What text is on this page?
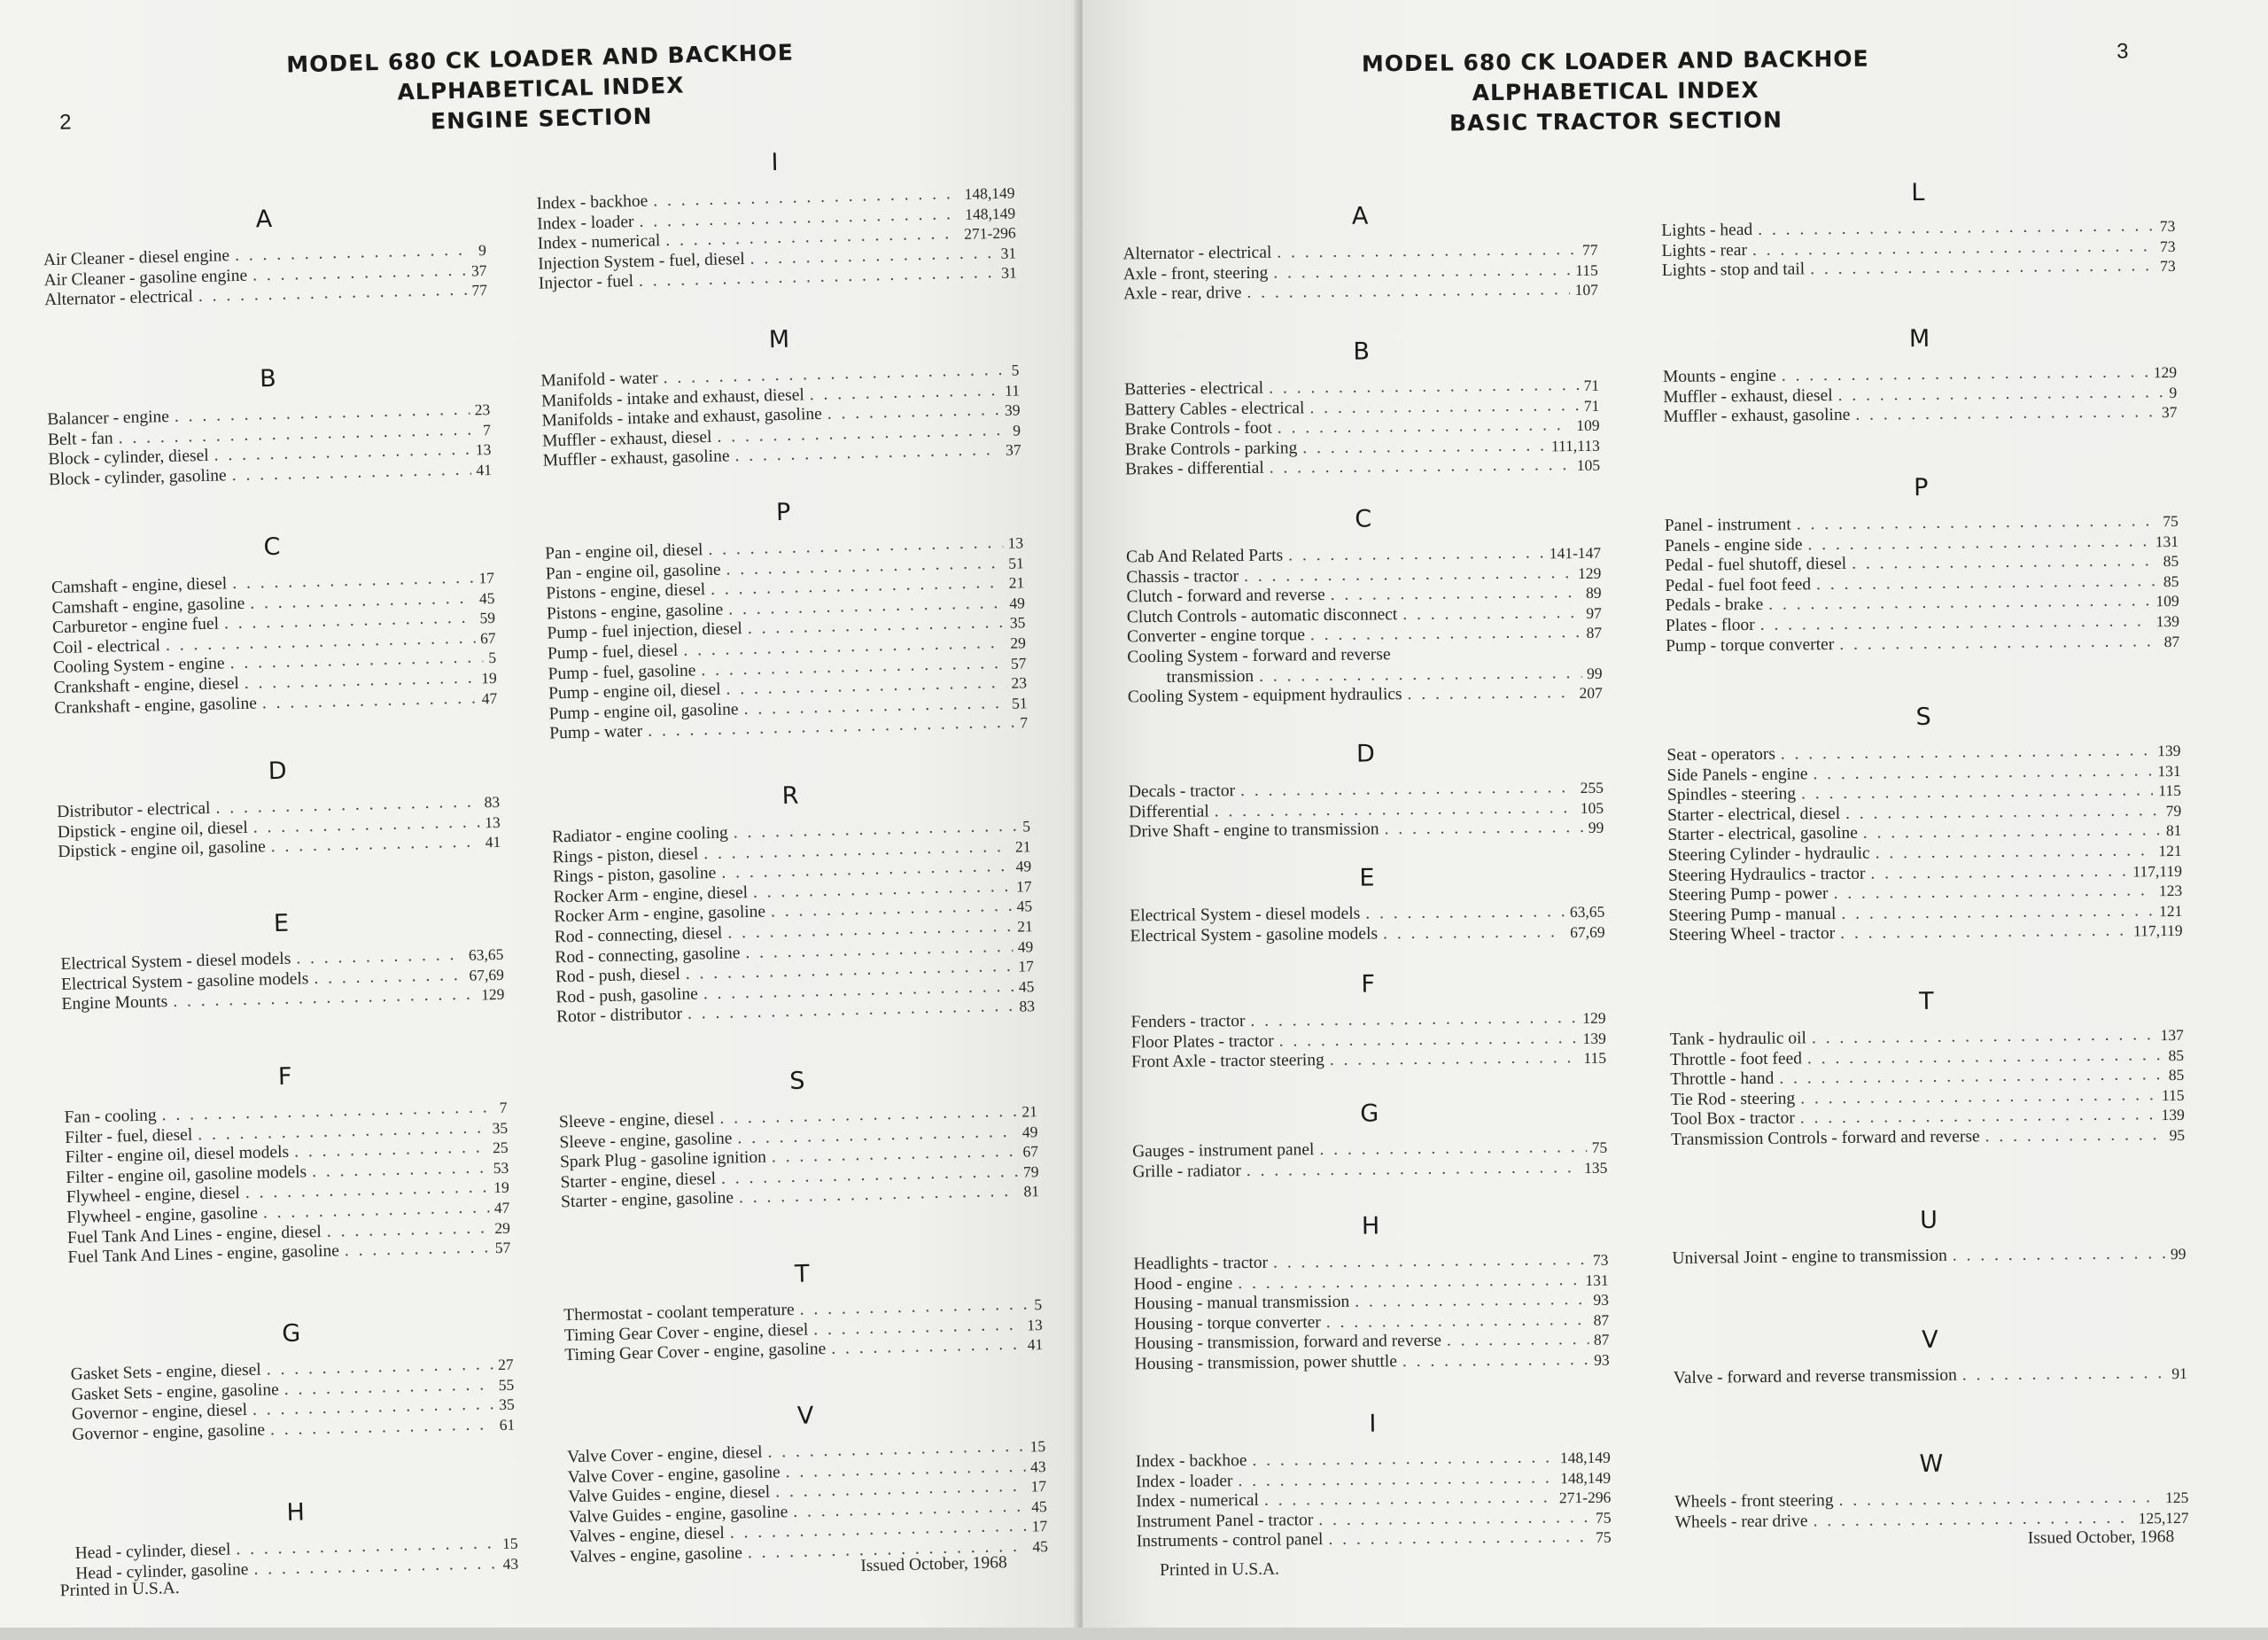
2
MODEL 680 CK LOADER AND BACKHOE
ALPHABETICAL INDEX
ENGINE SECTION
A
Air Cleaner - diesel engine . . .	9
Air Cleaner - gasoline engine . . .	37
Alternator - electrical . . .	77
B
Balancer - engine . . .	23
Belt - fan . . .	7
Block - cylinder, diesel . . .	13
Block - cylinder, gasoline . . .	41
C
Camshaft - engine, diesel . . .	17
Camshaft - engine, gasoline . . .	45
Carburetor - engine fuel . . .	59
Coil - electrical . . .	67
Cooling System - engine . . .	5
Crankshaft - engine, diesel . . .	19
Crankshaft - engine, gasoline . . .	47
D
Distributor - electrical . . .	83
Dipstick - engine oil, diesel . . .	13
Dipstick - engine oil, gasoline . . .	41
E
Electrical System - diesel models . . .	63,65
Electrical System - gasoline models . . .	67,69
Engine Mounts . . .	129
F
Fan - cooling . . .	7
Filter - fuel, diesel . . .	35
Filter - engine oil, diesel models . . .	25
Filter - engine oil, gasoline models . . .	53
Flywheel - engine, diesel . . .	19
Flywheel - engine, gasoline . . .	47
Fuel Tank And Lines - engine, diesel . . .	29
Fuel Tank And Lines - engine, gasoline . . .	57
G
Gasket Sets - engine, diesel . . .	27
Gasket Sets - engine, gasoline . . .	55
Governor - engine, diesel . . .	35
Governor - engine, gasoline . . .	61
H
Head - cylinder, diesel . . .	15
Head - cylinder, gasoline . . .	43
I
Index - backhoe . . .	148,149
Index - loader . . .	148,149
Index - numerical . . .	271-296
Injection System - fuel, diesel . . .	31
Injector - fuel . . .	31
M
Manifold - water . . .	5
Manifolds - intake and exhaust, diesel . . .	11
Manifolds - intake and exhaust, gasoline . . .	39
Muffler - exhaust, diesel . . .	9
Muffler - exhaust, gasoline . . .	37
P
Pan - engine oil, diesel . . .	13
Pan - engine oil, gasoline . . .	51
Pistons - engine, diesel . . .	21
Pistons - engine, gasoline . . .	49
Pump - fuel injection, diesel . . .	35
Pump - fuel, diesel . . .	29
Pump - fuel, gasoline . . .	57
Pump - engine oil, diesel . . .	23
Pump - engine oil, gasoline . . .	51
Pump - water . . .	7
R
Radiator - engine cooling . . .	5
Rings - piston, diesel . . .	21
Rings - piston, gasoline . . .	49
Rocker Arm - engine, diesel . . .	17
Rocker Arm - engine, gasoline . . .	45
Rod - connecting, diesel . . .	21
Rod - connecting, gasoline . . .	49
Rod - push, diesel . . .	17
Rod - push, gasoline . . .	45
Rotor - distributor . . .	83
S
Sleeve - engine, diesel . . .	21
Sleeve - engine, gasoline . . .	49
Spark Plug - gasoline ignition . . .	67
Starter - engine, diesel . . .	79
Starter - engine, gasoline . . .	81
T
Thermostat - coolant temperature . . .	5
Timing Gear Cover - engine, diesel . . .	13
Timing Gear Cover - engine, gasoline . . .	41
V
Valve Cover - engine, diesel . . .	15
Valve Cover - engine, gasoline . . .	43
Valve Guides - engine, diesel . . .	17
Valve Guides - engine, gasoline . . .	45
Valves - engine, diesel . . .	17
Valves - engine, gasoline . . .	45
Printed in U.S.A.
Issued October, 1968
3
MODEL 680 CK LOADER AND BACKHOE
ALPHABETICAL INDEX
BASIC TRACTOR SECTION
A
Alternator - electrical . . .	77
Axle - front, steering . . .	115
Axle - rear, drive . . .	107
B
Batteries - electrical . . .	71
Battery Cables - electrical . . .	71
Brake Controls - foot . . .	109
Brake Controls - parking . . .	111,113
Brakes - differential . . .	105
C
Cab And Related Parts . . .	141-147
Chassis - tractor . . .	129
Clutch - forward and reverse . . .	89
Clutch Controls - automatic disconnect . . .	97
Converter - engine torque . . .	87
Cooling System - forward and reverse
transmission . . .	99
Cooling System - equipment hydraulics . . .	207
D
Decals - tractor . . .	255
Differential . . .	105
Drive Shaft - engine to transmission . . .	99
E
Electrical System - diesel models . . .	63,65
Electrical System - gasoline models . . .	67,69
F
Fenders - tractor . . .	129
Floor Plates - tractor . . .	139
Front Axle - tractor steering . . .	115
G
Gauges - instrument panel . . .	75
Grille - radiator . . .	135
H
Headlights - tractor . . .	73
Hood - engine . . .	131
Housing - manual transmission . . .	93
Housing - torque converter . . .	87
Housing - transmission, forward and reverse . . .	87
Housing - transmission, power shuttle . . .	93
I
Index - backhoe . . .	148,149
Index - loader . . .	148,149
Index - numerical . . .	271-296
Instrument Panel - tractor . . .	75
Instruments - control panel . . .	75
L
Lights - head . . .	73
Lights - rear . . .	73
Lights - stop and tail . . .	73
M
Mounts - engine . . .	129
Muffler - exhaust, diesel . . .	9
Muffler - exhaust, gasoline . . .	37
P
Panel - instrument . . .	75
Panels - engine side . . .	131
Pedal - fuel shutoff, diesel . . .	85
Pedal - fuel foot feed . . .	85
Pedals - brake . . .	109
Plates - floor . . .	139
Pump - torque converter . . .	87
S
Seat - operators . . .	139
Side Panels - engine . . .	131
Spindles - steering . . .	115
Starter - electrical, diesel . . .	79
Starter - electrical, gasoline . . .	81
Steering Cylinder - hydraulic . . .	121
Steering Hydraulics - tractor . . .	117,119
Steering Pump - power . . .	123
Steering Pump - manual . . .	121
Steering Wheel - tractor . . .	117,119
T
Tank - hydraulic oil . . .	137
Throttle - foot feed . . .	85
Throttle - hand . . .	85
Tie Rod - steering . . .	115
Tool Box - tractor . . .	139
Transmission Controls - forward and reverse . . .	95
U
Universal Joint - engine to transmission . . .	99
V
Valve - forward and reverse transmission . . .	91
W
Wheels - front steering . . .	125
Wheels - rear drive . . .	125,127
Printed in U.S.A.
Issued October, 1968
